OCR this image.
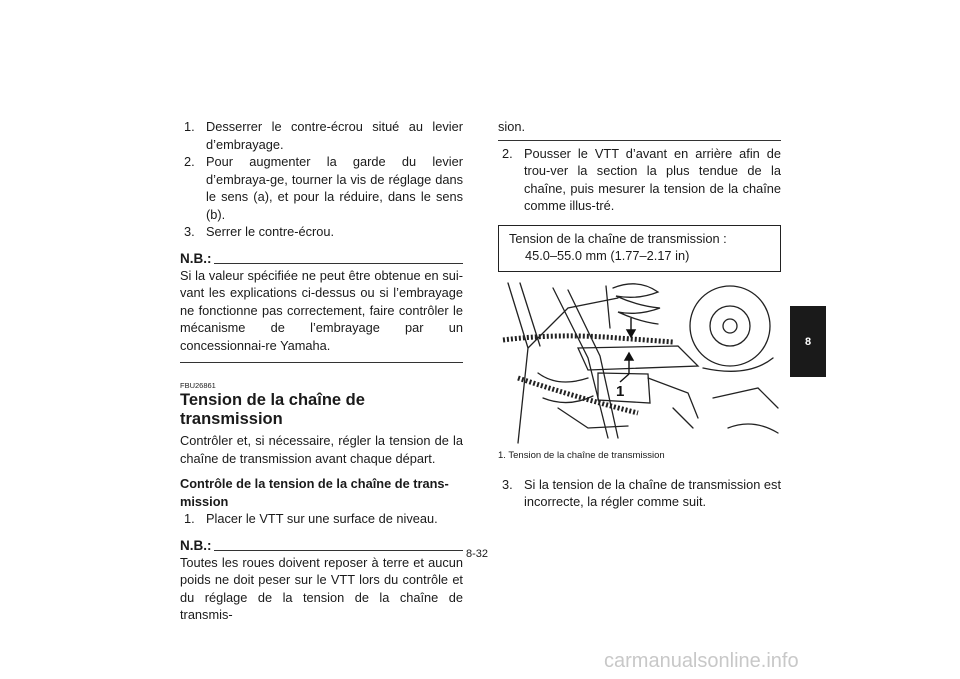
1. Desserrer le contre-écrou situé au levier d’embrayage.
2. Pour augmenter la garde du levier d’embraya-ge, tourner la vis de réglage dans le sens (a), et pour la réduire, dans le sens (b).
3. Serrer le contre-écrou.
N.B.:
Si la valeur spécifiée ne peut être obtenue en sui-vant les explications ci-dessus ou si l’embrayage ne fonctionne pas correctement, faire contrôler le mécanisme de l’embrayage par un concessionnai-re Yamaha.
FBU26861
Tension de la chaîne de transmission
Contrôler et, si nécessaire, régler la tension de la chaîne de transmission avant chaque départ.
Contrôle de la tension de la chaîne de trans-mission
1. Placer le VTT sur une surface de niveau.
N.B.:
Toutes les roues doivent reposer à terre et aucun poids ne doit peser sur le VTT lors du contrôle et du réglage de la tension de la chaîne de transmis-
sion.
2. Pousser le VTT d’avant en arrière afin de trou-ver la section la plus tendue de la chaîne, puis mesurer la tension de la chaîne comme illus-tré.
Tension de la chaîne de transmission :
45.0–55.0 mm (1.77–2.17 in)
1
1. Tension de la chaîne de transmission
3. Si la tension de la chaîne de transmission est incorrecte, la régler comme suit.
8
8-32
carmanualsonline.info
